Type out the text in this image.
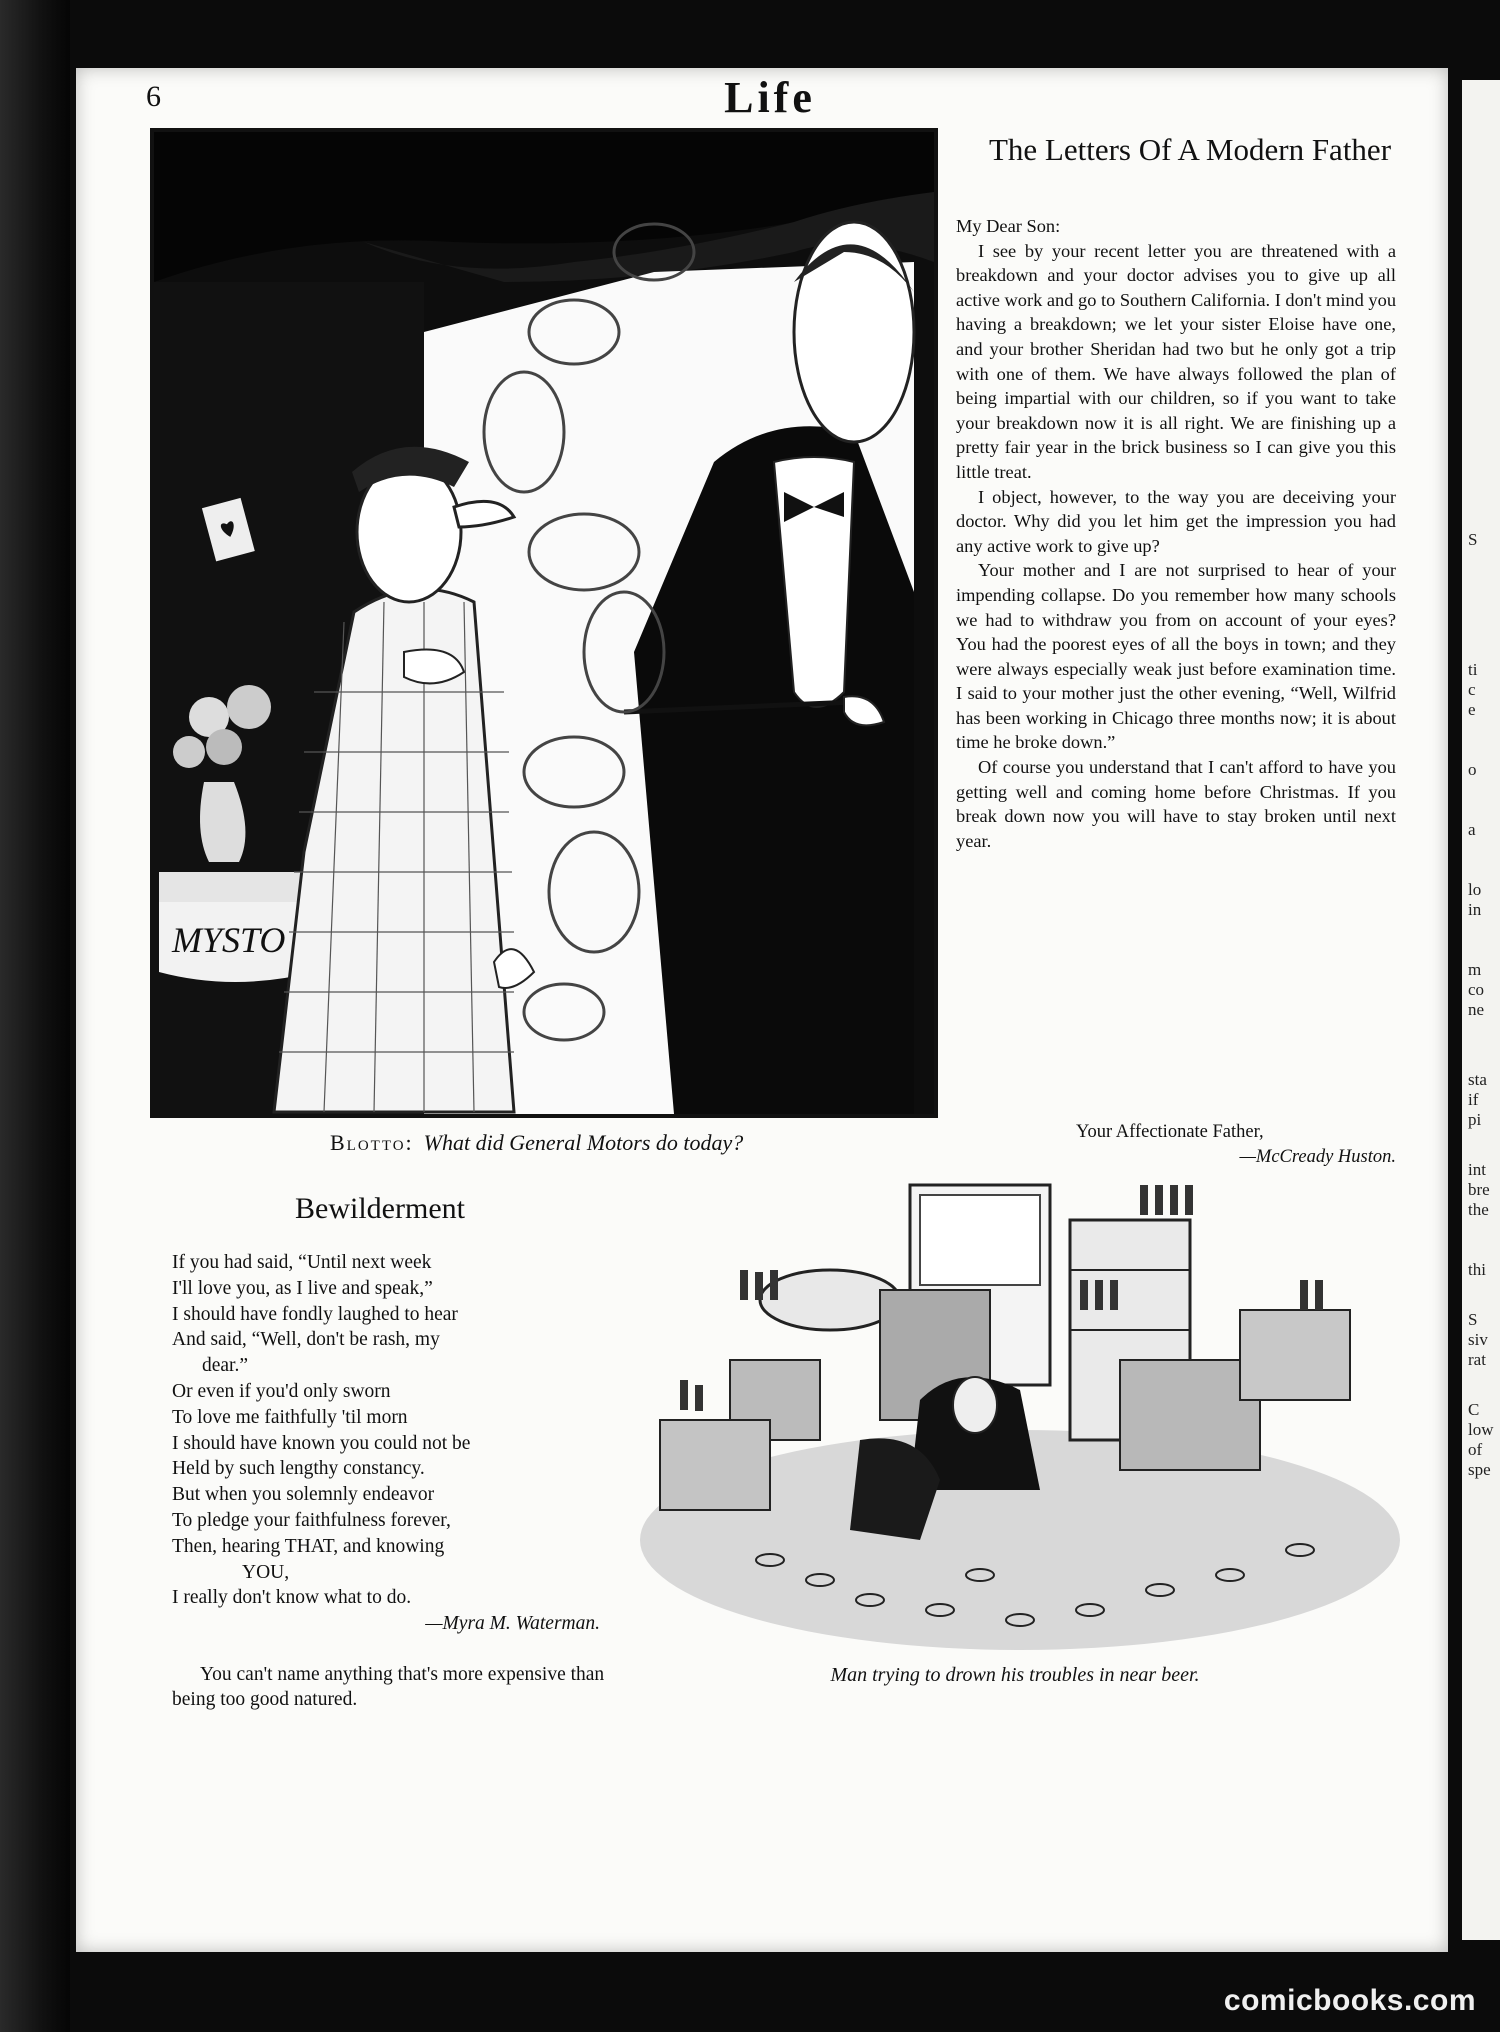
S
ti
c
e
o
a
lo
in
m
co
ne
sta
if
pi
int
bre
the
thi
S
siv
rat
C
low
of
spe
6	Life
MYSTO
Blotto: What did General Motors do today?
The Letters Of A Modern Father

My Dear Son:

I see by your recent letter you are threatened with a breakdown and your doctor advises you to give up all active work and go to Southern California. I don't mind you having a breakdown; we let your sister Eloise have one, and your brother Sheridan had two but he only got a trip with one of them. We have always followed the plan of being impartial with our children, so if you want to take your breakdown now it is all right. We are finishing up a pretty fair year in the brick business so I can give you this little treat.

I object, however, to the way you are deceiving your doctor. Why did you let him get the impression you had any active work to give up?

Your mother and I are not surprised to hear of your impending collapse. Do you remember how many schools we had to withdraw you from on account of your eyes? You had the poorest eyes of all the boys in town; and they were always especially weak just before examination time. I said to your mother just the other evening, “Well, Wilfrid has been working in Chicago three months now; it is about time he broke down.”

Of course you understand that I can't afford to have you getting well and coming home before Christmas. If you break down now you will have to stay broken until next year.

Your Affectionate Father,
—McCready Huston.
Bewilderment
If you had said, “Until next week
I'll love you, as I live and speak,”
I should have fondly laughed to hear
And said, “Well, don't be rash, my
dear.”
Or even if you'd only sworn
To love me faithfully 'til morn
I should have known you could not be
Held by such lengthy constancy.
But when you solemnly endeavor
To pledge your faithfulness forever,
Then, hearing THAT, and knowing
YOU,
I really don't know what to do.
—Myra M. Waterman.

You can't name anything that's more expensive than being too good natured.

Man trying to drown his troubles in near beer.
comicbooks.com
